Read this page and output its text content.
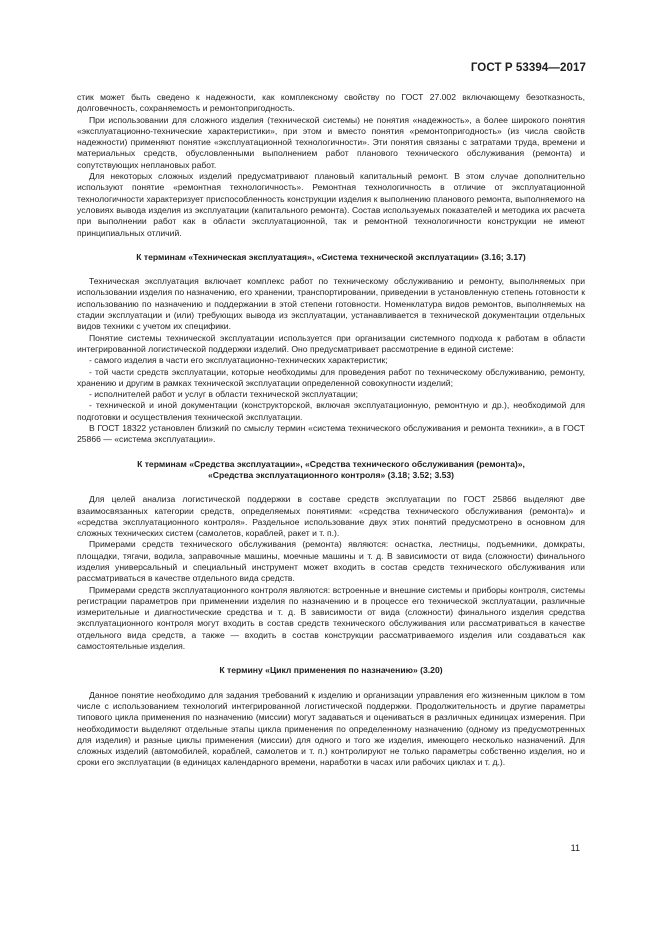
ГОСТ Р 53394—2017

стик может быть сведено к надежности, как комплексному свойству по ГОСТ 27.002 включающему безотказность, долговечность, сохраняемость и ремонтопригодность.

При использовании для сложного изделия (технической системы) не понятия «надежность», а более широкого понятия «эксплуатационно-технические характеристики», при этом и вместо понятия «ремонтопригодность» (из числа свойств надежности) применяют понятие «эксплуатационной технологичности». Эти понятия связаны с затратами труда, времени и материальных средств, обусловленными выполнением работ планового технического обслуживания (ремонта) и сопутствующих неплановых работ.

Для некоторых сложных изделий предусматривают плановый капитальный ремонт. В этом случае дополнительно используют понятие «ремонтная технологичность». Ремонтная технологичность в отличие от эксплуатационной технологичности характеризует приспособленность конструкции изделия к выполнению планового ремонта, выполняемого на условиях вывода изделия из эксплуатации (капитального ремонта). Состав используемых показателей и методика их расчета при выполнении работ как в области эксплуатационной, так и ремонтной технологичности конструкции не имеют принципиальных отличий.

К терминам «Техническая эксплуатация», «Система технической эксплуатации» (3.16; 3.17)

Техническая эксплуатация включает комплекс работ по техническому обслуживанию и ремонту, выполняемых при использовании изделия по назначению, его хранении, транспортировании, приведении в установленную степень готовности к использованию по назначению и поддержании в этой степени готовности. Номенклатура видов ремонтов, выполняемых на стадии эксплуатации и (или) требующих вывода из эксплуатации, устанавливается в технической документации отдельных видов техники с учетом их специфики.

Понятие системы технической эксплуатации используется при организации системного подхода к работам в области интегрированной логистической поддержки изделий. Оно предусматривает рассмотрение в единой системе:

- самого изделия в части его эксплуатационно-технических характеристик;

- той части средств эксплуатации, которые необходимы для проведения работ по техническому обслуживанию, ремонту, хранению и другим в рамках технической эксплуатации определенной совокупности изделий;

- исполнителей работ и услуг в области технической эксплуатации;

- технической и иной документации (конструкторской, включая эксплуатационную, ремонтную и др.), необходимой для подготовки и осуществления технической эксплуатации.

В ГОСТ 18322 установлен близкий по смыслу термин «система технического обслуживания и ремонта техники», а в ГОСТ 25866 — «система эксплуатации».

К терминам «Средства эксплуатации», «Средства технического обслуживания (ремонта)»,
«Средства эксплуатационного контроля» (3.18; 3.52; 3.53)

Для целей анализа логистической поддержки в составе средств эксплуатации по ГОСТ 25866 выделяют две взаимосвязанных категории средств, определяемых понятиями: «средства технического обслуживания (ремонта)» и «средства эксплуатационного контроля». Раздельное использование двух этих понятий предусмотрено в основном для сложных технических систем (самолетов, кораблей, ракет и т. п.).

Примерами средств технического обслуживания (ремонта) являются: оснастка, лестницы, подъемники, домкраты, площадки, тягачи, водила, заправочные машины, моечные машины и т. д. В зависимости от вида (сложности) финального изделия универсальный и специальный инструмент может входить в состав средств технического обслуживания или рассматриваться в качестве отдельного вида средств.

Примерами средств эксплуатационного контроля являются: встроенные и внешние системы и приборы контроля, системы регистрации параметров при применении изделия по назначению и в процессе его технической эксплуатации, различные измерительные и диагностические средства и т. д. В зависимости от вида (сложности) финального изделия средства эксплуатационного контроля могут входить в состав средств технического обслуживания или рассматриваться в качестве отдельного вида средств, а также — входить в состав конструкции рассматриваемого изделия или создаваться как самостоятельные изделия.

К термину «Цикл применения по назначению» (3.20)

Данное понятие необходимо для задания требований к изделию и организации управления его жизненным циклом в том числе с использованием технологий интегрированной логистической поддержки. Продолжительность и другие параметры типового цикла применения по назначению (миссии) могут задаваться и оцениваться в различных единицах измерения. При необходимости выделяют отдельные этапы цикла применения по определенному назначению (одному из предусмотренных для изделия) и разные циклы применения (миссии) для одного и того же изделия, имеющего несколько назначений. Для сложных изделий (автомобилей, кораблей, самолетов и т. п.) контролируют не только параметры собственно изделия, но и сроки его эксплуатации (в единицах календарного времени, наработки в часах или рабочих циклах и т. д.).

11
